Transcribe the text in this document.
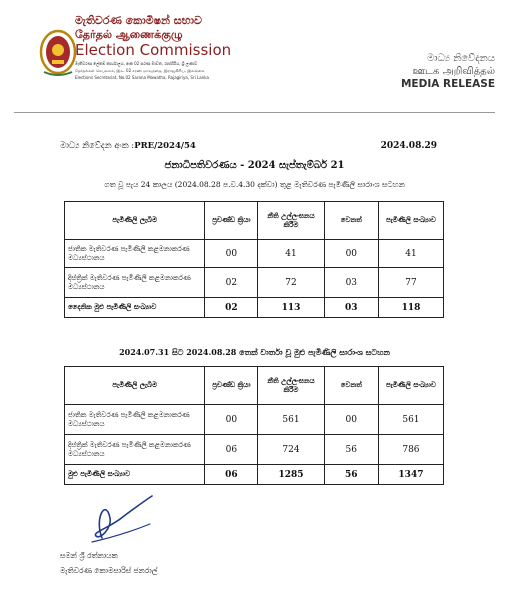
මැතිවරණ කොමිෂන් සභාව
தேர்தல் ஆணைக்குழு
Election Commission
මැතිවරණ ලේකම් කාර්යාලය, අංක 02 සරණ මාවත, රාජගිරිය, ශ්‍රී ලංකාව
தேர்தல்கள் செயலகம், இல. 02 சரண மாவத்தை, இராஜகிரிய, இலங்கை
Elections Secretariat, No.02 Sarana Mawatha, Rajagiriya, Sri Lanka
මාධ්‍ය නිවේදනය
ஊடக அறிவித்தல்
MEDIA RELEASE
මාධ්‍ය නිවේදන අංක :PRE/2024/54	2024.08.29
ජනාධිපතිවරණය - 2024 සැප්තැම්බර් 21
ගත වූ පැය 24 කාලය (2024.08.28 ප.ව.4.30 දක්වා) තුළ මැතිවරණ පැමිණිලි සාරාංශ සටහන
පැමිණිලි ලැබීම	ප්‍රචණ්ඩ ක්‍රියා	නීති උල්ලංඝනය කිරීම	වෙනත්	පැමිණිලි සංඛ්‍යාව
ජාතික මැතිවරණ පැමිණිලි කළමනාකරණ මධ්‍යස්ථානය	00	41	00	41
දිස්ත්‍රික් මැතිවරණ පැමිණිලි කළමනාකරණ මධ්‍යස්ථානය	02	72	03	77
දෛනික මුළු පැමිණිලි සංඛ්‍යාව	02	113	03	118
2024.07.31 සිට 2024.08.28 තෙක් වාර්තා වූ මුළු පැමිණිලි සාරාංශ සටහන
පැමිණිලි ලැබීම	ප්‍රචණ්ඩ ක්‍රියා	නීති උල්ලංඝනය කිරීම	වෙනත්	පැමිණිලි සංඛ්‍යාව
ජාතික මැතිවරණ පැමිණිලි කළමනාකරණ මධ්‍යස්ථානය	00	561	00	561
දිස්ත්‍රික් මැතිවරණ පැමිණිලි කළමනාකරණ මධ්‍යස්ථානය	06	724	56	786
මුළු පැමිණිලි සංඛ්‍යාව	06	1285	56	1347
සමන් ශ්‍රී රත්නායක
මැතිවරණ කොමසාරිස් ජනරාල්
